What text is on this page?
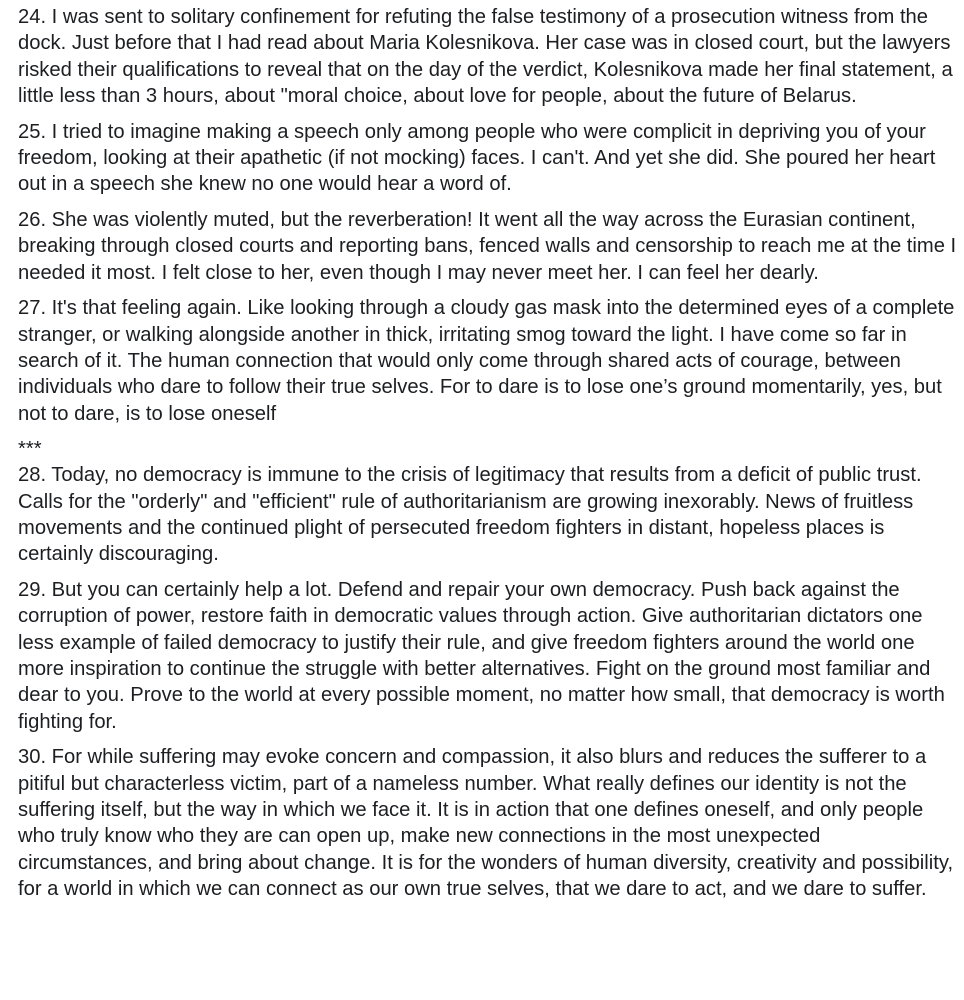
24. I was sent to solitary confinement for refuting the false testimony of a prosecution witness from the dock. Just before that I had read about Maria Kolesnikova. Her case was in closed court, but the lawyers risked their qualifications to reveal that on the day of the verdict, Kolesnikova made her final statement, a little less than 3 hours, about "moral choice, about love for people, about the future of Belarus.

25. I tried to imagine making a speech only among people who were complicit in depriving you of your freedom, looking at their apathetic (if not mocking) faces. I can't. And yet she did. She poured her heart out in a speech she knew no one would hear a word of.

26. She was violently muted, but the reverberation! It went all the way across the Eurasian continent, breaking through closed courts and reporting bans, fenced walls and censorship to reach me at the time I needed it most. I felt close to her, even though I may never meet her. I can feel her dearly.

27. It's that feeling again. Like looking through a cloudy gas mask into the determined eyes of a complete stranger, or walking alongside another in thick, irritating smog toward the light. I have come so far in search of it. The human connection that would only come through shared acts of courage, between individuals who dare to follow their true selves. For to dare is to lose one’s ground momentarily, yes, but not to dare, is to lose oneself

***

28. Today, no democracy is immune to the crisis of legitimacy that results from a deficit of public trust. Calls for the "orderly" and "efficient" rule of authoritarianism are growing inexorably. News of fruitless movements and the continued plight of persecuted freedom fighters in distant, hopeless places is certainly discouraging.

29. But you can certainly help a lot. Defend and repair your own democracy. Push back against the corruption of power, restore faith in democratic values through action. Give authoritarian dictators one less example of failed democracy to justify their rule, and give freedom fighters around the world one more inspiration to continue the struggle with better alternatives. Fight on the ground most familiar and dear to you. Prove to the world at every possible moment, no matter how small, that democracy is worth fighting for.

30. For while suffering may evoke concern and compassion, it also blurs and reduces the sufferer to a pitiful but characterless victim, part of a nameless number. What really defines our identity is not the suffering itself, but the way in which we face it. It is in action that one defines oneself, and only people who truly know who they are can open up, make new connections in the most unexpected circumstances, and bring about change. It is for the wonders of human diversity, creativity and possibility, for a world in which we can connect as our own true selves, that we dare to act, and we dare to suffer.
